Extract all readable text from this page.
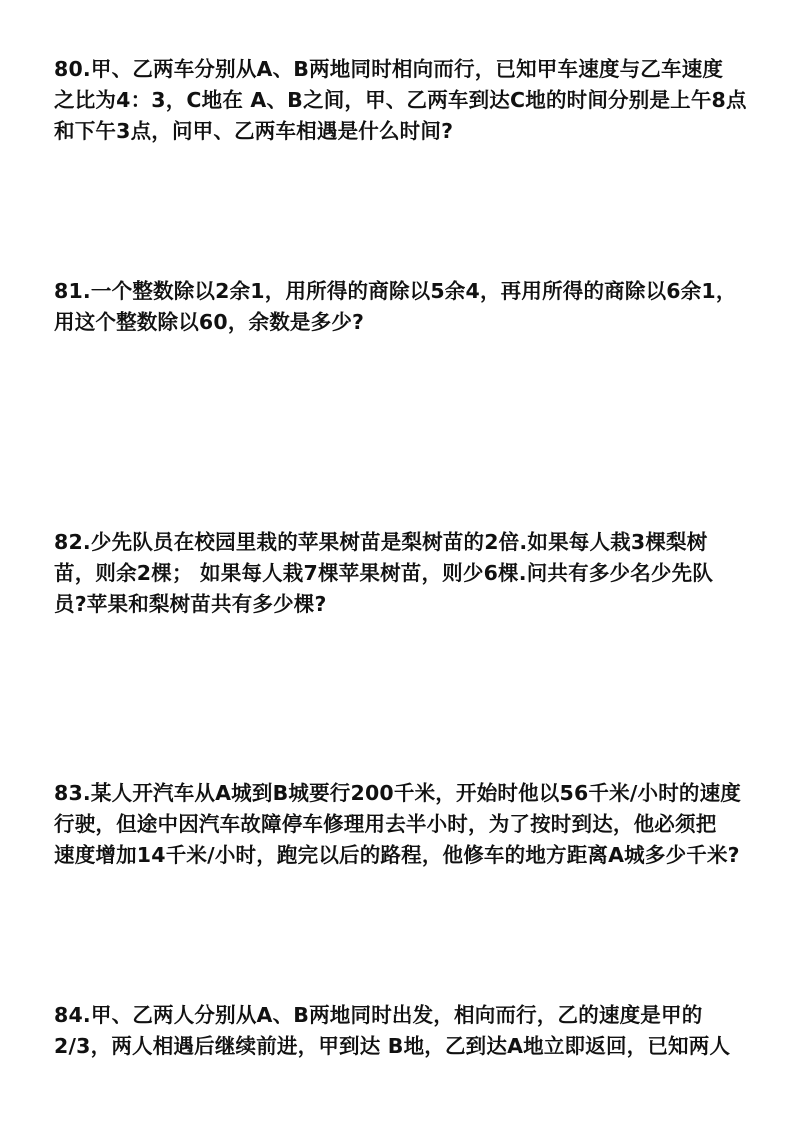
80.甲、乙两车分别从A、B两地同时相向而行，已知甲车速度与乙车速度
之比为4：3，C地在 A、B之间，甲、乙两车到达C地的时间分别是上午8点
和下午3点，问甲、乙两车相遇是什么时间?
81.一个整数除以2余1，用所得的商除以5余4，再用所得的商除以6余1，
用这个整数除以60，余数是多少?
82.少先队员在校园里栽的苹果树苗是梨树苗的2倍.如果每人栽3棵梨树
苗，则余2棵； 如果每人栽7棵苹果树苗，则少6棵.问共有多少名少先队
员?苹果和梨树苗共有多少棵?
83.某人开汽车从A城到B城要行200千米，开始时他以56千米/小时的速度
行驶，但途中因汽车故障停车修理用去半小时，为了按时到达，他必须把
速度增加14千米/小时，跑完以后的路程，他修车的地方距离A城多少千米?
84.甲、乙两人分别从A、B两地同时出发，相向而行，乙的速度是甲的
2/3，两人相遇后继续前进，甲到达 B地，乙到达A地立即返回，已知两人
